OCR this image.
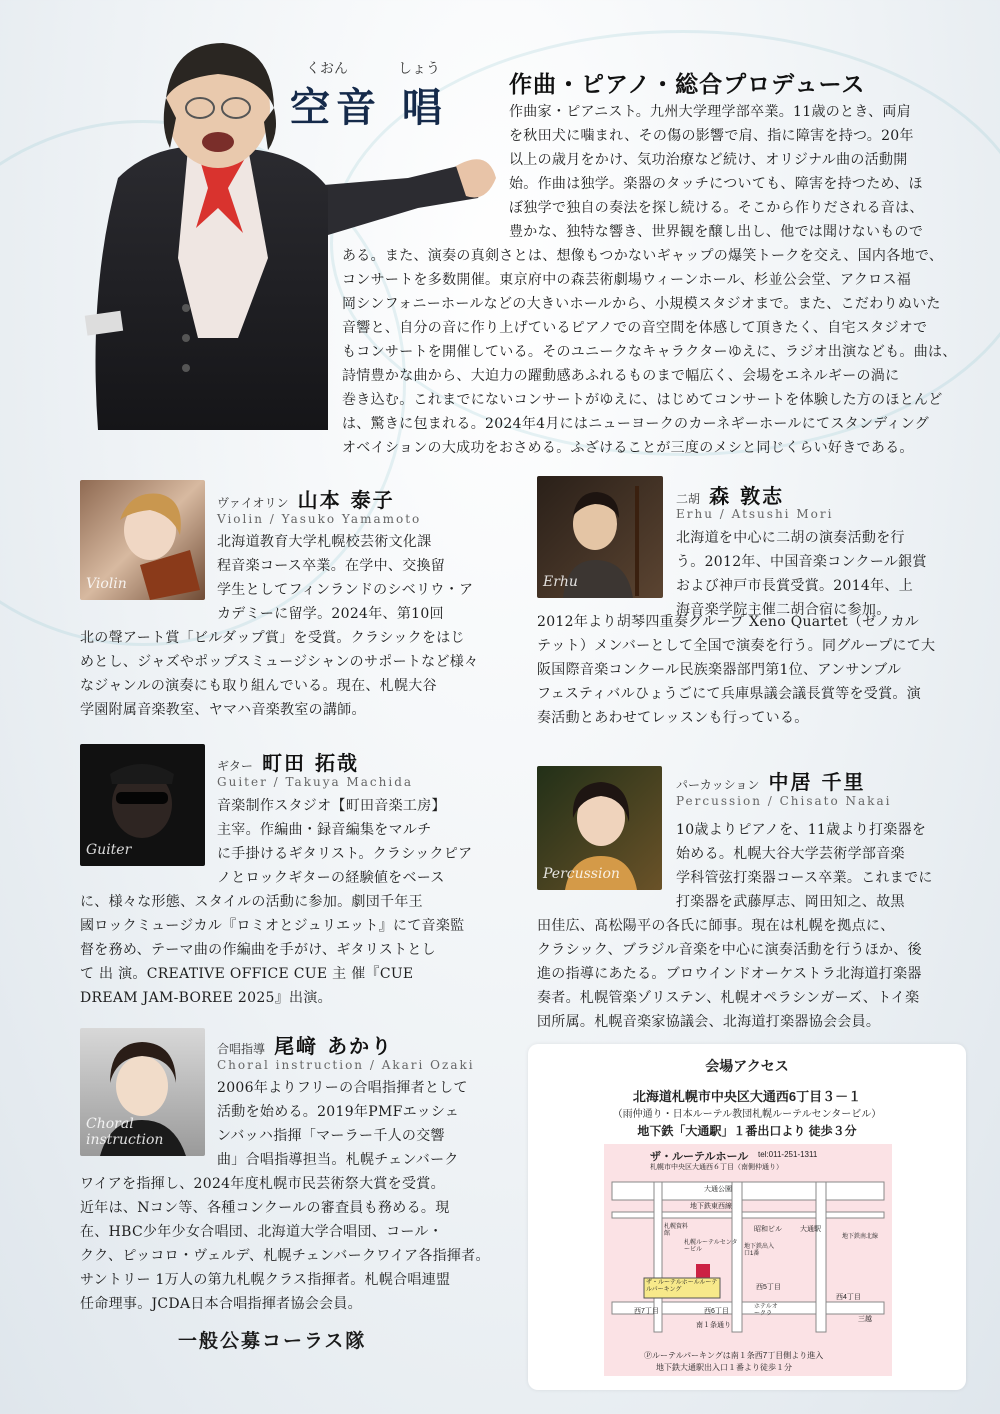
くおん	しょう
空音 唱	作曲・ピアノ・総合プロデュース

作曲家・ピアニスト。九州大学理学部卒業。11歳のとき、両肩

を秋田犬に噛まれ、その傷の影響で肩、指に障害を持つ。20年

以上の歳月をかけ、気功治療など続け、オリジナル曲の活動開

始。作曲は独学。楽器のタッチについても、障害を持つため、ほ

ぼ独学で独自の奏法を探し続ける。そこから作りだされる音は、

豊かな、独特な響き、世界観を醸し出し、他では聞けないもので

ある。また、演奏の真剣さとは、想像もつかないギャップの爆笑トークを交え、国内各地で、

コンサートを多数開催。東京府中の森芸術劇場ウィーンホール、杉並公会堂、アクロス福

岡シンフォニーホールなどの大きいホールから、小規模スタジオまで。また、こだわりぬいた

音響と、自分の音に作り上げているピアノでの音空間を体感して頂きたく、自宅スタジオで

もコンサートを開催している。そのユニークなキャラクターゆえに、ラジオ出演なども。曲は、

詩情豊かな曲から、大迫力の躍動感あふれるものまで幅広く、会場をエネルギーの渦に

巻き込む。これまでにないコンサートがゆえに、はじめてコンサートを体験した方のほとんど

は、驚きに包まれる。2024年4月にはニューヨークのカーネギーホールにてスタンディング

オベイションの大成功をおさめる。ふざけることが三度のメシと同じくらい好きである。

Violin
ヴァイオリン 山本 泰子
Violin / Yasuko Yamamoto

北海道教育大学札幌校芸術文化課

程音楽コース卒業。在学中、交換留

学生としてフィンランドのシベリウ・ア

カデミーに留学。2024年、第10回

北の聲アート賞「ビルダップ賞」を受賞。クラシックをはじ

めとし、ジャズやポップスミュージシャンのサポートなど様々

なジャンルの演奏にも取り組んでいる。現在、札幌大谷

学園附属音楽教室、ヤマハ音楽教室の講師。

Guiter
ギター 町田 拓哉
Guiter / Takuya Machida

音楽制作スタジオ【町田音楽工房】

主宰。作編曲・録音編集をマルチ

に手掛けるギタリスト。クラシックピア

ノとロックギターの経験値をベース

に、様々な形態、スタイルの活動に参加。劇団千年王

國ロックミュージカル『ロミオとジュリエット』にて音楽監

督を務め、テーマ曲の作編曲を手がけ、ギタリストとし

て 出 演。CREATIVE OFFICE CUE 主 催『CUE

DREAM JAM-BOREE 2025』出演。

Choral instruction
合唱指導 尾﨑 あかり
Choral instruction / Akari Ozaki

2006年よりフリーの合唱指揮者として

活動を始める。2019年PMFエッシェ

ンバッハ指揮「マーラー千人の交響

曲」合唱指導担当。札幌チェンバーク

ワイアを指揮し、2024年度札幌市民芸術祭大賞を受賞。

近年は、Nコン等、各種コンクールの審査員も務める。現

在、HBC少年少女合唱団、北海道大学合唱団、コール・

クク、ピッコロ・ヴェルデ、札幌チェンバークワイア各指揮者。

サントリー 1万人の第九札幌クラス指揮者。札幌合唱連盟

任命理事。JCDA日本合唱指揮者協会会員。

一般公募コーラス隊
Erhu
二胡 森 敦志
Erhu / Atsushi Mori

北海道を中心に二胡の演奏活動を行

う。2012年、中国音楽コンクール銀賞

および神戸市長賞受賞。2014年、上

海音楽学院主催二胡合宿に参加。

2012年より胡琴四重奏グループ Xeno Quartet（ゼノカル

テット）メンバーとして全国で演奏を行う。同グループにて大

阪国際音楽コンクール民族楽器部門第1位、アンサンブル

フェスティバルひょうごにて兵庫県議会議長賞等を受賞。演

奏活動とあわせてレッスンも行っている。

Percussion
パーカッション 中居 千里
Percussion / Chisato Nakai

10歳よりピアノを、11歳より打楽器を

始める。札幌大谷大学芸術学部音楽

学科管弦打楽器コース卒業。これまでに

打楽器を武藤厚志、岡田知之、故黒

田佳広、髙松陽平の各氏に師事。現在は札幌を拠点に、

クラシック、ブラジル音楽を中心に演奏活動を行うほか、後

進の指導にあたる。ブロウインドオーケストラ北海道打楽器

奏者。札幌管楽ゾリステン、札幌オペラシンガーズ、トイ楽

団所属。札幌音楽家協議会、北海道打楽器協会会員。

会場アクセス
北海道札幌市中央区大通西6丁目３－１
（雨仲通り・日本ルーテル教団札幌ルーテルセンタービル）
地下鉄「大通駅」１番出口より 徒歩３分
ザ・ルーテルホール tel:011-251-1311
札幌市中央区大通西６丁目（南側仲通り）
大通公園
地下鉄東西線
昭和ビル	大通駅
札幌ルーテルセンタービル	地下鉄出入口1番
ザ・ルーテルホールルーテルパーキング	西5丁目
西4丁目
ホテルオークラ
西7丁目	西6丁目
南１条通り
三越
地下鉄南北線
札幌資料館
Ⓟルーテルパーキングは南１条西7丁目側より進入
地下鉄大通駅出入口１番より徒歩１分
